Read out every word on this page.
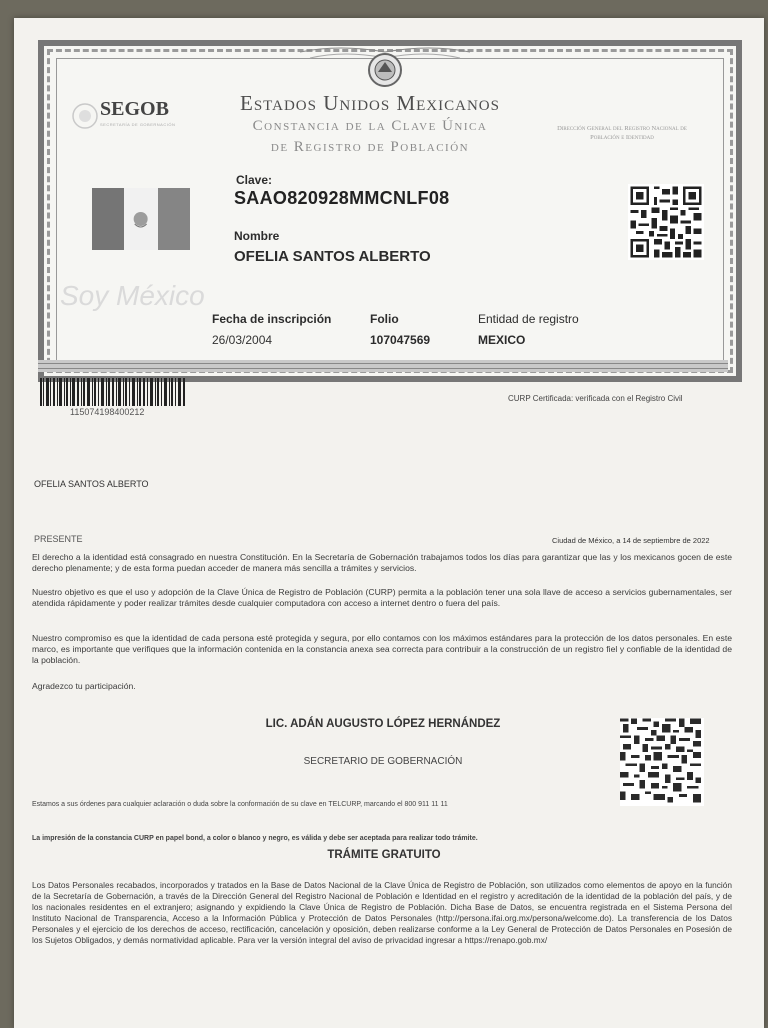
SEGOB
SECRETARÍA DE GOBERNACIÓN
Estados Unidos Mexicanos
Constancia de la Clave Única
de Registro de Población
Dirección General del Registro Nacional de Población e Identidad
Clave:
SAAO820928MMCNLF08
Nombre
OFELIA SANTOS ALBERTO
Soy México
Fecha de inscripción
26/03/2004
Folio
107047569
Entidad de registro
MEXICO
115074198400212
CURP Certificada: verificada con el Registro Civil
OFELIA SANTOS ALBERTO
PRESENTE	Ciudad de México, a 14 de septiembre de 2022
El derecho a la identidad está consagrado en nuestra Constitución. En la Secretaría de Gobernación trabajamos todos los días para garantizar que las y los mexicanos gocen de este derecho plenamente; y de esta forma puedan acceder de manera más sencilla a trámites y servicios.
Nuestro objetivo es que el uso y adopción de la Clave Única de Registro de Población (CURP) permita a la población tener una sola llave de acceso a servicios gubernamentales, ser atendida rápidamente y poder realizar trámites desde cualquier computadora con acceso a internet dentro o fuera del país.
Nuestro compromiso es que la identidad de cada persona esté protegida y segura, por ello contamos con los máximos estándares para la protección de los datos personales. En este marco, es importante que verifiques que la información contenida en la constancia anexa sea correcta para contribuir a la construcción de un registro fiel y confiable de la identidad de la población.
Agradezco tu participación.
LIC. ADÁN AUGUSTO LÓPEZ HERNÁNDEZ
SECRETARIO DE GOBERNACIÓN
Estamos a sus órdenes para cualquier aclaración o duda sobre la conformación de su clave en TELCURP, marcando el 800 911 11 11
La impresión de la constancia CURP en papel bond, a color o blanco y negro, es válida y debe ser aceptada para realizar todo trámite.
TRÁMITE GRATUITO
Los Datos Personales recabados, incorporados y tratados en la Base de Datos Nacional de la Clave Única de Registro de Población, son utilizados como elementos de apoyo en la función de la Secretaría de Gobernación, a través de la Dirección General del Registro Nacional de Población e Identidad en el registro y acreditación de la identidad de la población del país, y de los nacionales residentes en el extranjero; asignando y expidiendo la Clave Única de Registro de Población. Dicha Base de Datos, se encuentra registrada en el Sistema Persona del Instituto Nacional de Transparencia, Acceso a la Información Pública y Protección de Datos Personales (http://persona.ifai.org.mx/persona/welcome.do). La transferencia de los Datos Personales y el ejercicio de los derechos de acceso, rectificación, cancelación y oposición, deben realizarse conforme a la Ley General de Protección de Datos Personales en Posesión de los Sujetos Obligados, y demás normatividad aplicable. Para ver la versión integral del aviso de privacidad ingresar a https://renapo.gob.mx/
